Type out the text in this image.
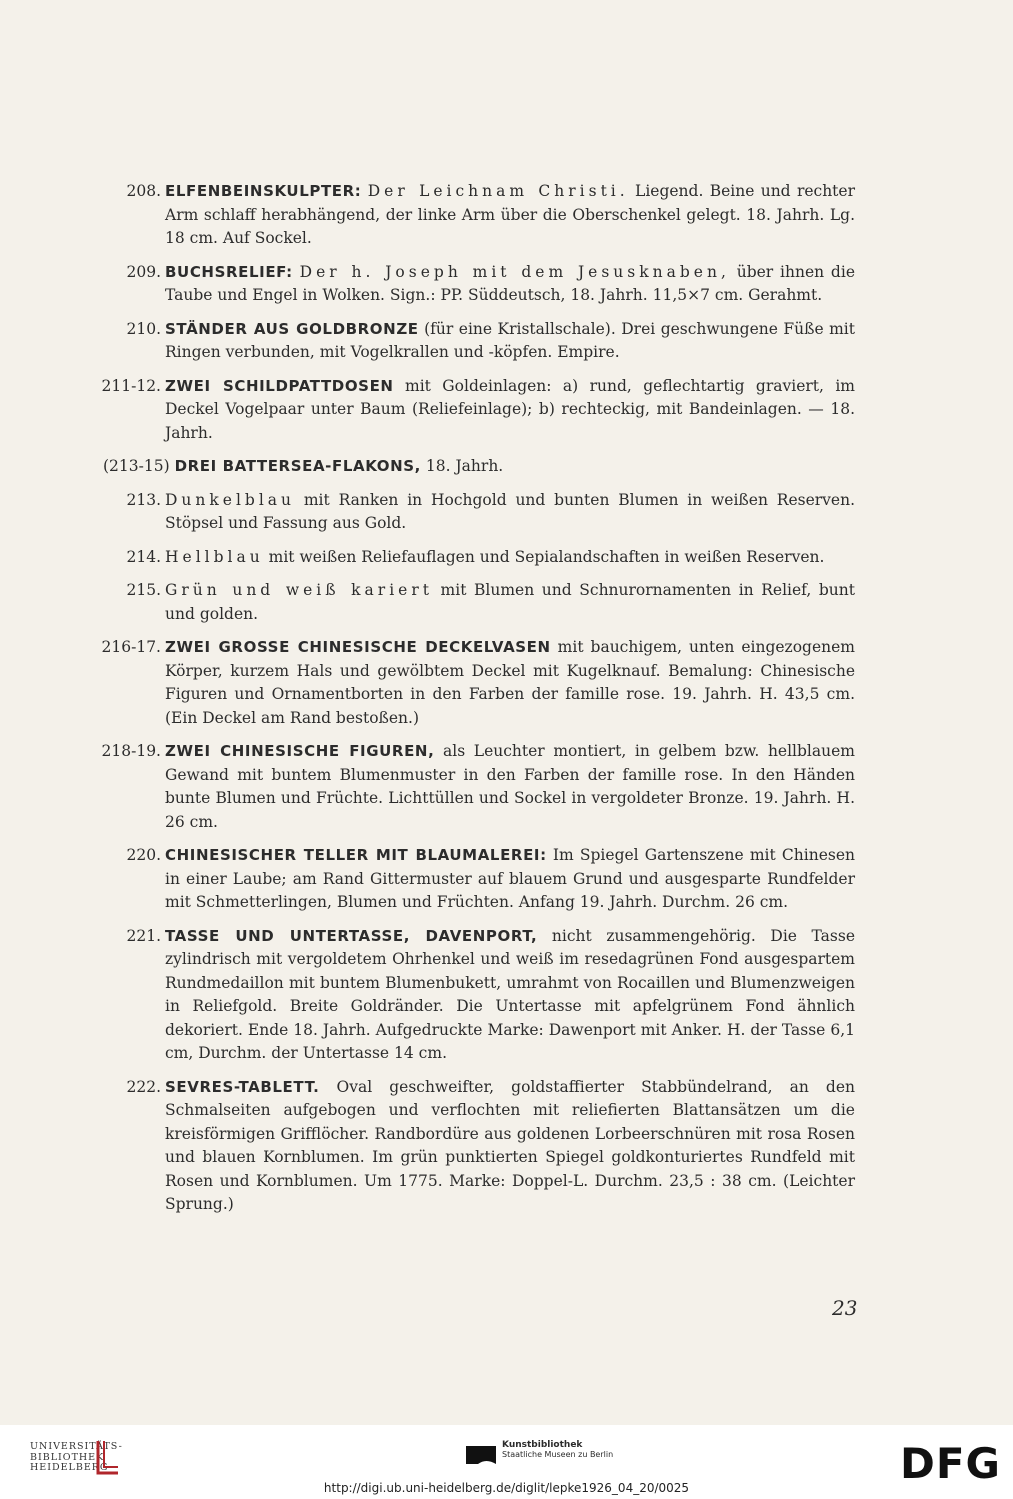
208. ELFENBEINSKULPTER: Der Leichnam Christi. Liegend. Beine und rechter Arm schlaff herabhängend, der linke Arm über die Oberschenkel gelegt. 18. Jahrh. Lg. 18 cm. Auf Sockel.
209. BUCHSRELIEF: Der h. Joseph mit dem Jesusknaben, über ihnen die Taube und Engel in Wolken. Sign.: PP. Süddeutsch, 18. Jahrh. 11,5×7 cm. Gerahmt.
210. STÄNDER AUS GOLDBRONZE (für eine Kristallschale). Drei geschwungene Füße mit Ringen verbunden, mit Vogelkrallen und -köpfen. Empire.
211-12. ZWEI SCHILDPATTDOSEN mit Goldeinlagen: a) rund, geflechtartig graviert, im Deckel Vogelpaar unter Baum (Reliefeinlage); b) rechteckig, mit Bandeinlagen. — 18. Jahrh.
(213-15) DREI BATTERSEA-FLAKONS, 18. Jahrh.
213. Dunkelblau mit Ranken in Hochgold und bunten Blumen in weißen Reserven. Stöpsel und Fassung aus Gold.
214. Hellblau mit weißen Reliefauflagen und Sepialandschaften in weißen Reserven.
215. Grün und weiß kariert mit Blumen und Schnurornamenten in Relief, bunt und golden.
216-17. ZWEI GROSSE CHINESISCHE DECKELVASEN mit bauchigem, unten eingezogenem Körper, kurzem Hals und gewölbtem Deckel mit Kugelknauf. Bemalung: Chinesische Figuren und Ornamentborten in den Farben der famille rose. 19. Jahrh. H. 43,5 cm. (Ein Deckel am Rand bestoßen.)
218-19. ZWEI CHINESISCHE FIGUREN, als Leuchter montiert, in gelbem bzw. hellblauem Gewand mit buntem Blumenmuster in den Farben der famille rose. In den Händen bunte Blumen und Früchte. Lichttüllen und Sockel in vergoldeter Bronze. 19. Jahrh. H. 26 cm.
220. CHINESISCHER TELLER MIT BLAUMALEREI: Im Spiegel Gartenszene mit Chinesen in einer Laube; am Rand Gittermuster auf blauem Grund und ausgesparte Rundfelder mit Schmetterlingen, Blumen und Früchten. Anfang 19. Jahrh. Durchm. 26 cm.
221. TASSE UND UNTERTASSE, DAVENPORT, nicht zusammengehörig. Die Tasse zylindrisch mit vergoldetem Ohrhenkel und weiß im resedagrünen Fond ausgespartem Rundmedaillon mit buntem Blumenbukett, umrahmt von Rocaillen und Blumenzweigen in Reliefgold. Breite Goldränder. Die Untertasse mit apfelgrünem Fond ähnlich dekoriert. Ende 18. Jahrh. Aufgedruckte Marke: Dawenport mit Anker. H. der Tasse 6,1 cm, Durchm. der Untertasse 14 cm.
222. SEVRES-TABLETT. Oval geschweifter, goldstaffierter Stabbündelrand, an den Schmalseiten aufgebogen und verflochten mit reliefierten Blattansätzen um die kreisförmigen Grifflöcher. Randbordüre aus goldenen Lorbeerschnüren mit rosa Rosen und blauen Kornblumen. Im grün punktierten Spiegel goldkonturiertes Rundfeld mit Rosen und Kornblumen. Um 1775. Marke: Doppel-L. Durchm. 23,5 : 38 cm. (Leichter Sprung.)
23
UNIVERSITÄTS-
BIBLIOTHEK
HEIDELBERG
Kunstbibliothek
Staatliche Museen zu Berlin	DFG
http://digi.ub.uni-heidelberg.de/diglit/lepke1926_04_20/0025
